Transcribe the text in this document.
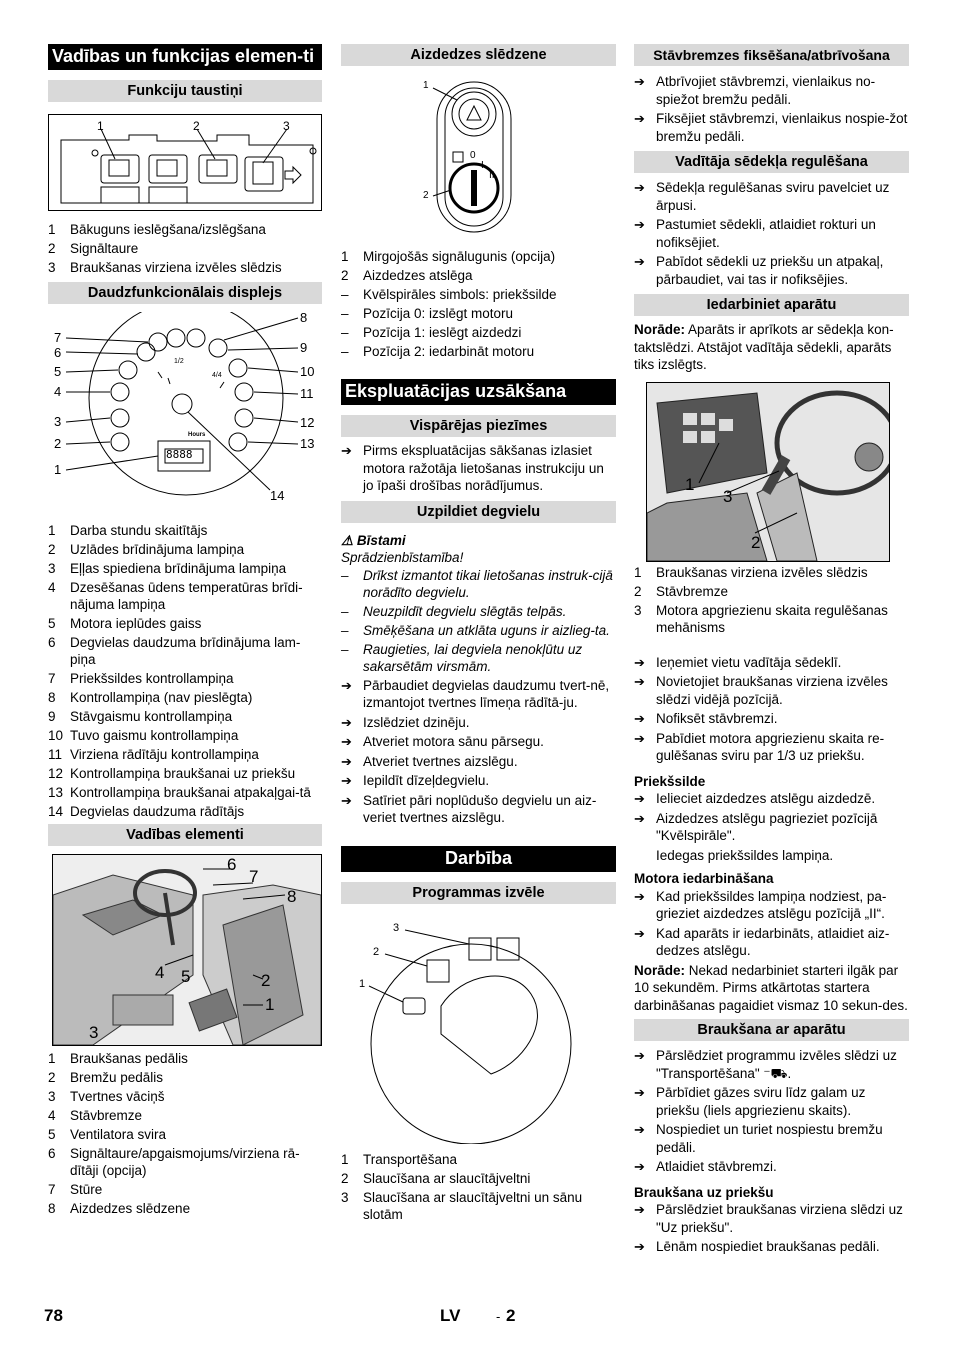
Vadības un funkcijas elemen-ti
Funkciju taustiņi
1	2	3
1	Bākuguns ieslēgšana/izslēgšana
2	Signāltaure
3	Braukšanas virziena izvēles slēdzis
Daudzfunkcionālais displejs
7
6
5
4
3
2
1
8
9
10
11
12
13
14
1/2
4/4
Hours
8888
1	Darba stundu skaitītājs
2	Uzlādes brīdinājuma lampiņa
3	Eļļas spiediena brīdinājuma lampiņa
4	Dzesēšanas ūdens temperatūras brīdi-nājuma lampiņa
5	Motora ieplūdes gaiss
6	Degvielas daudzuma brīdinājuma lam-piņa
7	Priekšsildes kontrollampiņa
8	Kontrollampiņa (nav pieslēgta)
9	Stāvgaismu kontrollampiņa
10 Tuvo gaismu kontrollampiņa
11 Virziena rādītāju kontrollampiņa
12 Kontrollampiņa braukšanai uz priekšu
13 Kontrollampiņa braukšanai atpakaļgai-tā
14 Degvielas daudzuma rādītājs
Vadības elementi
6
7
8
4 5	2
1
3
1	Braukšanas pedālis
2	Bremžu pedālis
3	Tvertnes vāciņš
4	Stāvbremze
5	Ventilatora svira
6	Signāltaure/apgaismojums/virziena rā-dītāji (opcija)
7	Stūre
8	Aizdedzes slēdzene
Aizdedzes slēdzene
1
2
0
I
II
1	Mirgojošās signālugunis (opcija)
2	Aizdedzes atslēga
–	Kvēlspirāles simbols: priekšsilde
–	Pozīcija 0: izslēgt motoru
–	Pozīcija 1: ieslēgt aizdedzi
–	Pozīcija 2: iedarbināt motoru
Ekspluatācijas uzsākšana
Vispārējas piezīmes
➔ Pirms ekspluatācijas sākšanas izlasiet motora ražotāja lietošanas instrukciju un jo īpaši drošības norādījumus.
Uzpildiet degvielu
⚠ Bīstami
Sprādzienbīstamība!
–	Drīkst izmantot tikai lietošanas instruk-cijā norādīto degvielu.
–	Neuzpildīt degvielu slēgtās telpās.
–	Smēķēšana un atklāta uguns ir aizlieg-ta.
–	Raugieties, lai degviela nenokļūtu uz sakarsētām virsmām.
➔ Pārbaudiet degvielas daudzumu tvert-nē, izmantojot tvertnes līmeņa rādītā-ju.
➔ Izslēdziet dzinēju.
➔ Atveriet motora sānu pārsegu.
➔ Atveriet tvertnes aizslēgu.
➔ Iepildīt dīzeļdegvielu.
➔ Satīriet pāri noplūdušo degvielu un aiz-veriet tvertnes aizslēgu.
Darbība
Programmas izvēle
3
2
1
1	Transportēšana
2	Slaucīšana ar slaucītājveltni
3	Slaucīšana ar slaucītājveltni un sānu slotām
Stāvbremzes fiksēšana/atbrīvošana
➔ Atbrīvojiet stāvbremzi, vienlaikus no-spiežot bremžu pedāli.
➔ Fiksējiet stāvbremzi, vienlaikus nospie-žot bremžu pedāli.
Vadītāja sēdekļa regulēšana
➔ Sēdekļa regulēšanas sviru pavelciet uz ārpusi.
➔ Pastumiet sēdekli, atlaidiet rokturi un nofiksējiet.
➔ Pabīdot sēdekli uz priekšu un atpakaļ, pārbaudiet, vai tas ir nofiksējies.
Iedarbiniet aparātu
Norāde: Aparāts ir aprīkots ar sēdekļa kon-taktslēdzi. Atstājot vadītāja sēdekli, aparāts tiks izslēgts.
1
3
2
1	Braukšanas virziena izvēles slēdzis
2	Stāvbremze
3	Motora apgriezienu skaita regulēšanas mehānisms
➔ Ieņemiet vietu vadītāja sēdeklī.
➔ Novietojiet braukšanas virziena izvēles slēdzi vidējā pozīcijā.
➔ Nofiksēt stāvbremzi.
➔ Pabīdiet motora apgriezienu skaita re-gulēšanas sviru par 1/3 uz priekšu.
Priekšsilde
➔ Ielieciet aizdedzes atslēgu aizdedzē.
➔ Aizdedzes atslēgu pagrieziet pozīcijā "Kvēlspirāle".
Iedegas priekšsildes lampiņa.
Motora iedarbināšana
➔ Kad priekšsildes lampiņa nodziest, pa-grieziet aizdedzes atslēgu pozīcijā „II“.
➔ Kad aparāts ir iedarbināts, atlaidiet aiz-dedzes atslēgu.
Norāde: Nekad nedarbiniet starteri ilgāk par 10 sekundēm. Pirms atkārtotas startera darbināšanas pagaidiet vismaz 10 sekun-des.
Braukšana ar aparātu
➔ Pārslēdziet programmu izvēles slēdzi uz "Transportēšana" ⁻⛟.
➔ Pārbīdiet gāzes sviru līdz galam uz priekšu (liels apgriezienu skaits).
➔ Nospiediet un turiet nospiestu bremžu pedāli.
➔ Atlaidiet stāvbremzi.
Braukšana uz priekšu
➔ Pārslēdziet braukšanas virziena slēdzi uz "Uz priekšu".
➔ Lēnām nospiediet braukšanas pedāli.
78	LV	- 2
